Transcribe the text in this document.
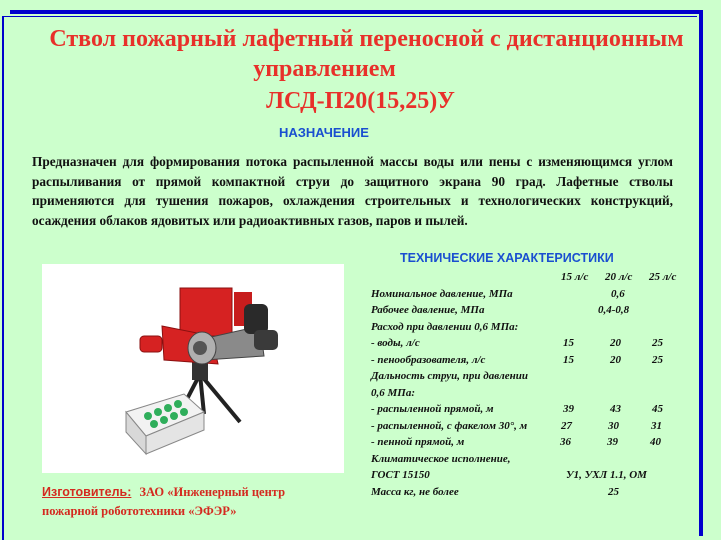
Ствол пожарный лафетный переносной с дистанционным
управлением
ЛСД-П20(15,25)У
НАЗНАЧЕНИЕ
Предназначен для формирования потока распыленной массы воды или пены с изменяющимся углом распыливания от прямой компактной струи до защитного экрана 90 град. Лафетные стволы применяются для тушения пожаров, охлаждения строительных и технологических конструкций, осаждения облаков ядовитых или радиоактивных газов, паров и пылей.
Изготовитель: ЗАО «Инженерный центр
пожарной робототехники «ЭФЭР»
ТЕХНИЧЕСКИЕ ХАРАКТЕРИСТИКИ
15 л/с 20 л/с 25 л/с
Номинальное давление, МПа	0,6
Рабочее давление, МПа	0,4-0,8
Расход при давлении 0,6 МПа:
- воды, л/с	15	20	25
- пенообразователя, л/с	15	20	25
Дальность струи, при давлении
0,6 МПа:
- распыленной прямой, м	39	43	45
- распыленной, с факелом 30°, м	27	30	31
- пенной прямой, м	36	39	40
Климатическое исполнение,
ГОСТ 15150	У1, УХЛ 1.1, ОМ
Масса кг, не более	25
